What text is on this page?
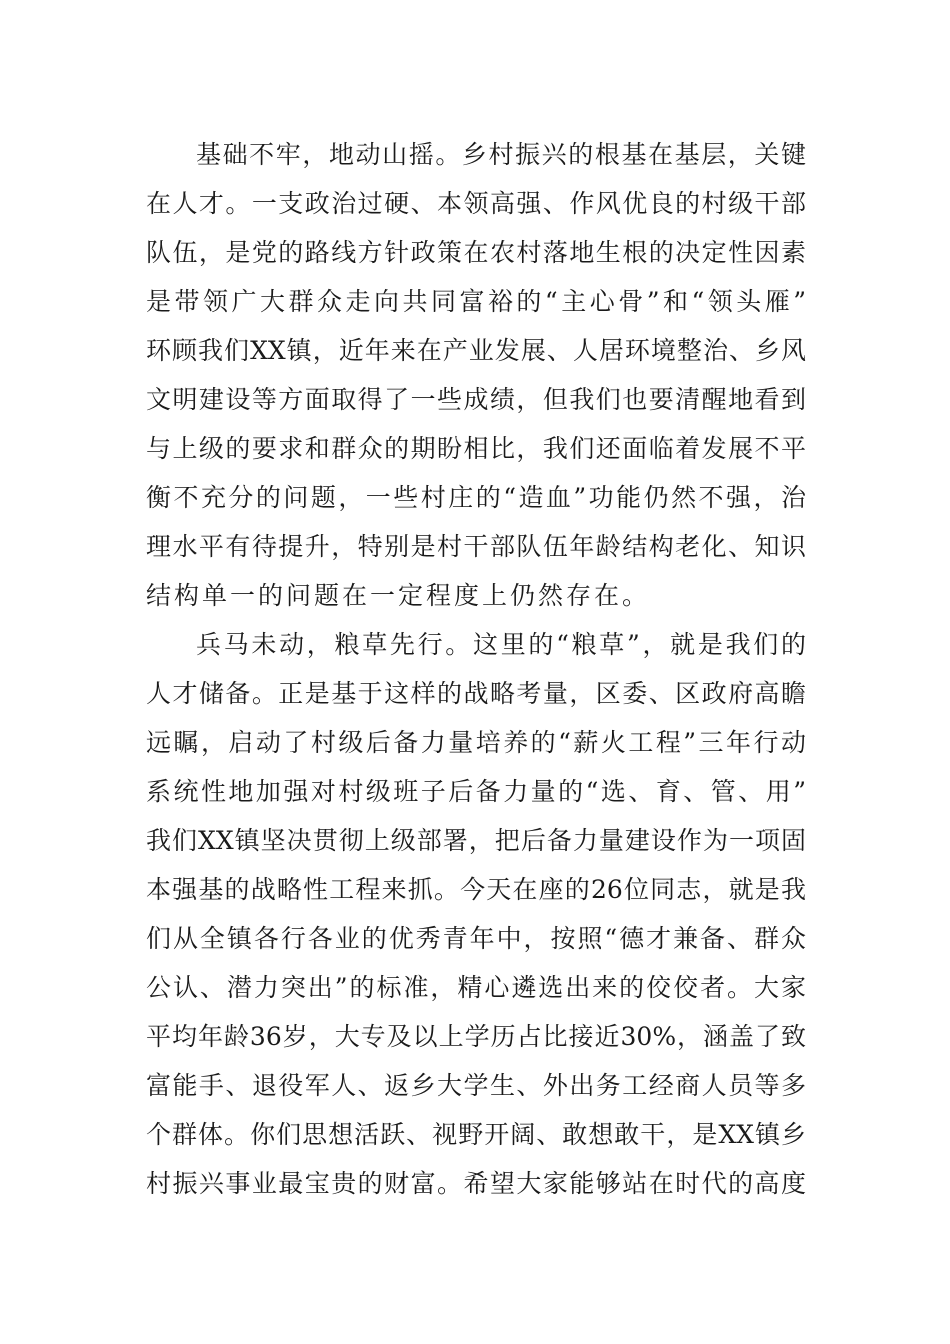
基础不牢，地动山摇。乡村振兴的根基在基层，关键
在人才。一支政治过硬、本领高强、作风优良的村级干部
队伍，是党的路线方针政策在农村落地生根的决定性因素
是带领广大群众走向共同富裕的“主心骨”和“领头雁”
环顾我们XX镇，近年来在产业发展、人居环境整治、乡风
文明建设等方面取得了一些成绩，但我们也要清醒地看到
与上级的要求和群众的期盼相比，我们还面临着发展不平
衡不充分的问题，一些村庄的“造血”功能仍然不强，治
理水平有待提升，特别是村干部队伍年龄结构老化、知识
结构单一的问题在一定程度上仍然存在。
兵马未动，粮草先行。这里的“粮草”，就是我们的
人才储备。正是基于这样的战略考量，区委、区政府高瞻
远瞩，启动了村级后备力量培养的“薪火工程”三年行动
系统性地加强对村级班子后备力量的“选、育、管、用”
我们XX镇坚决贯彻上级部署，把后备力量建设作为一项固
本强基的战略性工程来抓。今天在座的26位同志，就是我
们从全镇各行各业的优秀青年中，按照“德才兼备、群众
公认、潜力突出”的标准，精心遴选出来的佼佼者。大家
平均年龄36岁，大专及以上学历占比接近30%，涵盖了致
富能手、退役军人、返乡大学生、外出务工经商人员等多
个群体。你们思想活跃、视野开阔、敢想敢干，是XX镇乡
村振兴事业最宝贵的财富。希望大家能够站在时代的高度
